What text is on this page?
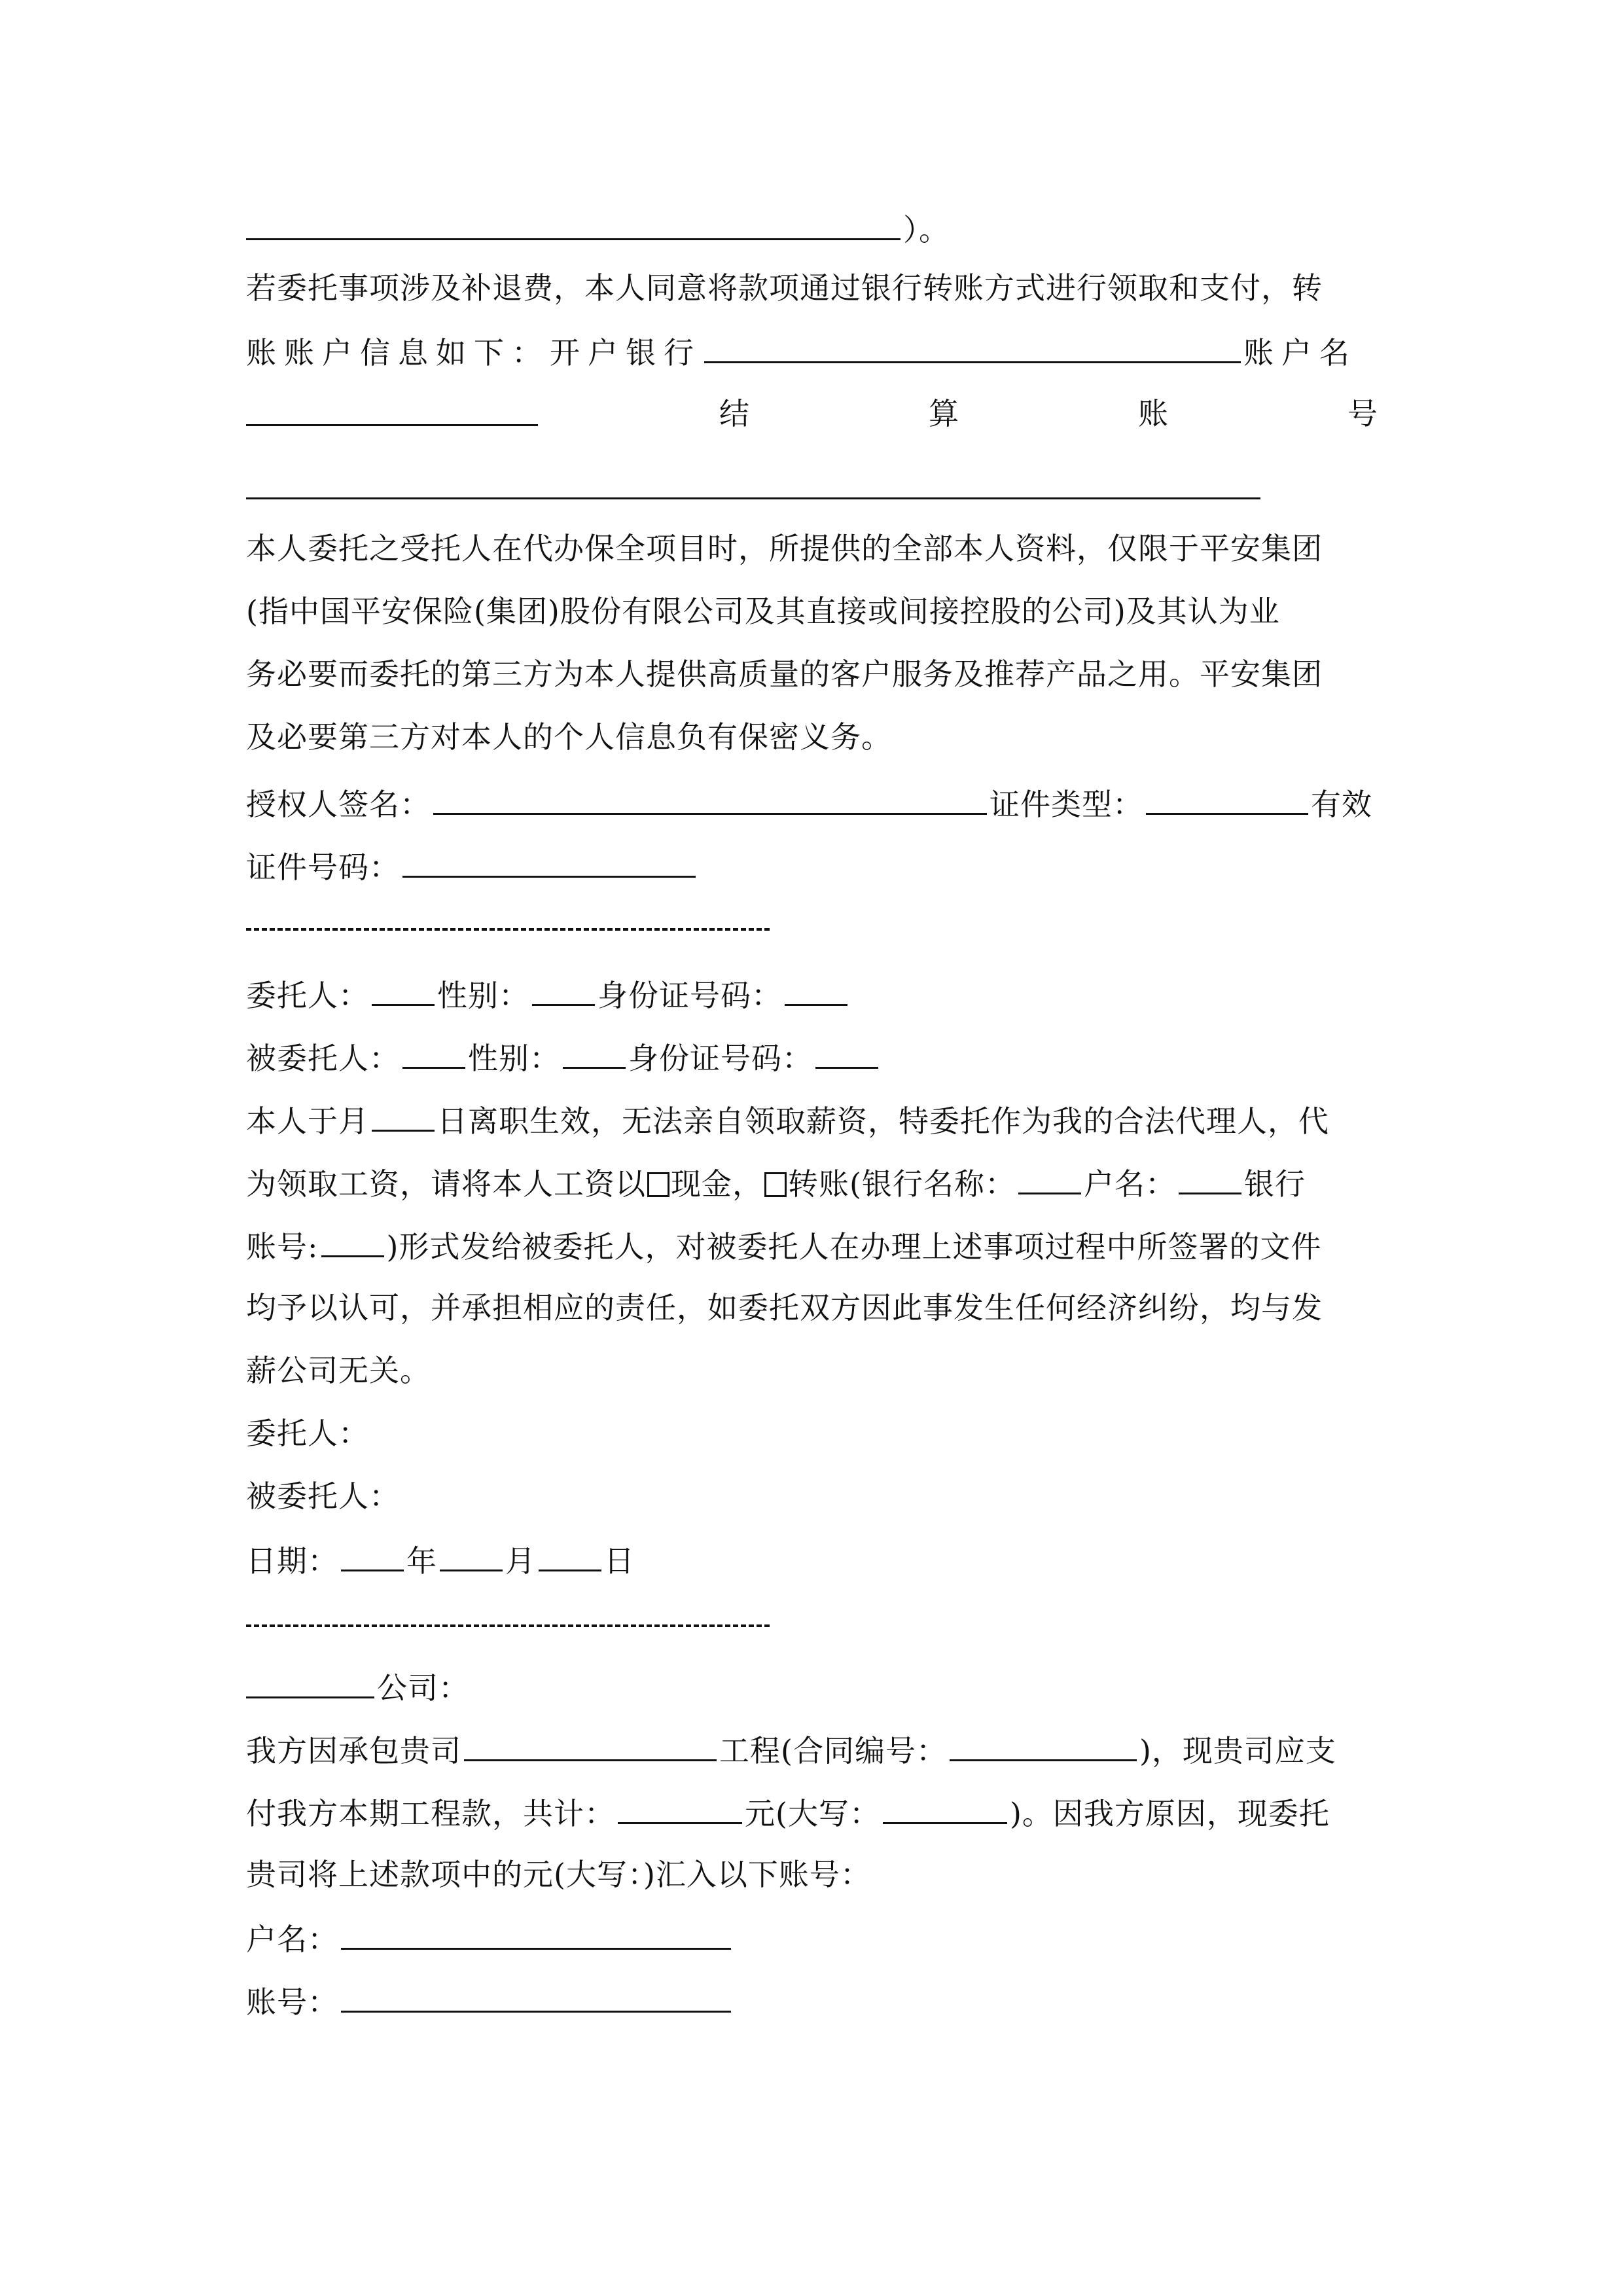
）。
若委托事项涉及补退费，本人同意将款项通过银行转账方式进行领取和支付，转
账账户信息如下：开户银行	账户名
结	算	账	号
本人委托之受托人在代办保全项目时，所提供的全部本人资料，仅限于平安集团
(指中国平安保险(集团)股份有限公司及其直接或间接控股的公司)及其认为业
务必要而委托的第三方为本人提供高质量的客户服务及推荐产品之用。平安集团
及必要第三方对本人的个人信息负有保密义务。
授权人签名：	证件类型：	有效
证件号码：
委托人： 性别： 身份证号码：
被委托人： 性别： 身份证号码：
本人于月 日离职生效，无法亲自领取薪资，特委托作为我的合法代理人，代
为领取工资，请将本人工资以 现金， 转账(银行名称： 户名： 银行
账号: )形式发给被委托人，对被委托人在办理上述事项过程中所签署的文件
均予以认可，并承担相应的责任，如委托双方因此事发生任何经济纠纷，均与发
薪公司无关。
委托人：
被委托人：
日期： 年 月 日
公司：
我方因承包贵司	工程(合同编号：	)，现贵司应支
付我方本期工程款，共计：	元(大写：	)。因我方原因，现委托
贵司将上述款项中的元(大写：)汇入以下账号：
户名：
账号：
